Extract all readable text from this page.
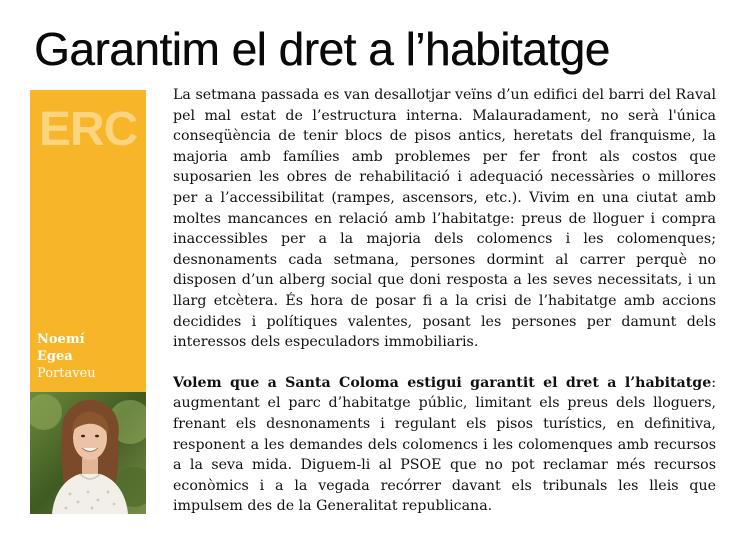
Garantim el dret a l’habitatge
ERC
Noemí
Egea
Portaveu

La setmana passada es van desallotjar veïns d’un edifici del barri del Raval pel mal estat de l’estructura interna. Malauradament, no serà l'única conseqüència de tenir blocs de pisos antics, heretats del franquisme, la majoria amb famílies amb problemes per fer front als costos que suposarien les obres de rehabilitació i adequació necessàries o millores per a l’accessibilitat (rampes, ascensors, etc.). Vivim en una ciutat amb moltes mancances en relació amb l’habitatge: preus de lloguer i compra inaccessibles per a la majoria dels colomencs i les colomenques; desnonaments cada setmana, persones dormint al carrer perquè no disposen d’un alberg social que doni resposta a les seves necessitats, i un llarg etcètera. És hora de posar fi a la crisi de l’habitatge amb accions decidides i polítiques valentes, posant les persones per damunt dels interessos dels especuladors immobiliaris.

Volem que a Santa Coloma estigui garantit el dret a l’habitatge: augmentant el parc d’habitatge públic, limitant els preus dels lloguers, frenant els desnonaments i regulant els pisos turístics, en definitiva, responent a les demandes dels colomencs i les colomenques amb recursos a la seva mida. Diguem-li al PSOE que no pot reclamar més recursos econòmics i a la vegada recórrer davant els tribunals les lleis que impulsem des de la Generalitat republicana.
